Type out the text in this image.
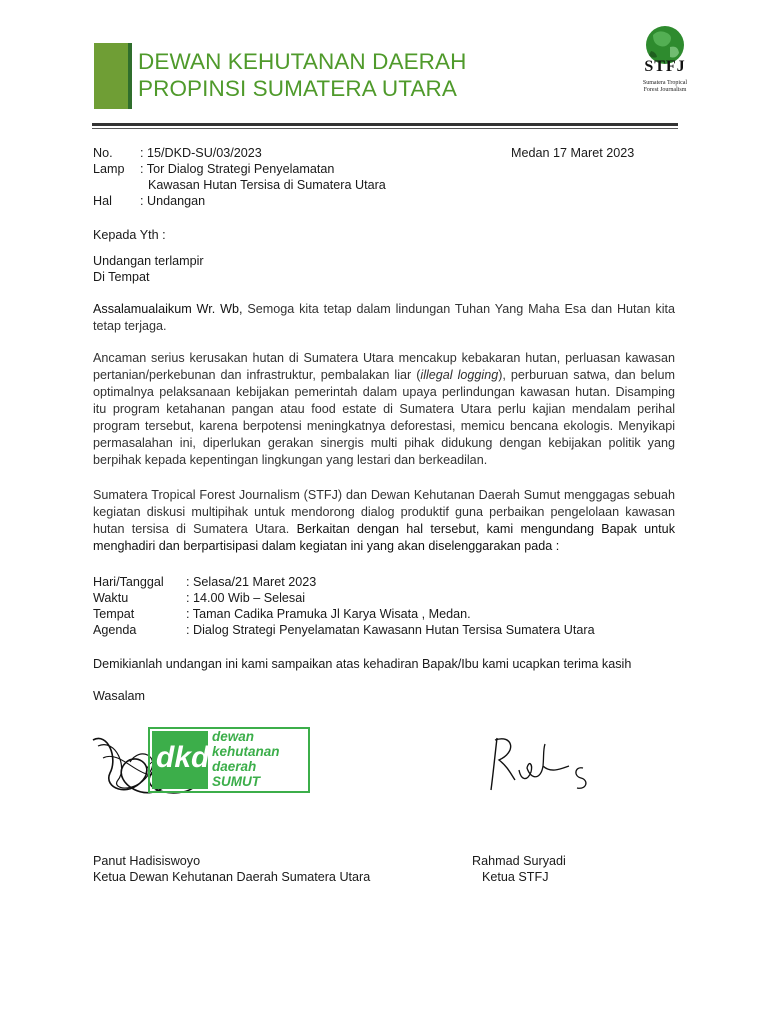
DEWAN KEHUTANAN DAERAH
PROPINSI SUMATERA UTARA
STFJ
Sumatera Tropical
Forest Journalism
No. : 15/DKD-SU/03/2023	Medan 17 Maret 2023
Lamp : Tor Dialog Strategi Penyelamatan
Kawasan Hutan Tersisa di Sumatera Utara
Hal : Undangan
Kepada Yth :
Undangan terlampir
Di Tempat
Assalamualaikum Wr. Wb, Semoga kita tetap dalam lindungan Tuhan Yang Maha Esa dan Hutan kita tetap terjaga.
Ancaman serius kerusakan hutan di Sumatera Utara mencakup kebakaran hutan, perluasan kawasan pertanian/perkebunan dan infrastruktur, pembalakan liar (illegal logging), perburuan satwa, dan belum optimalnya pelaksanaan kebijakan pemerintah dalam upaya perlindungan kawasan hutan. Disamping itu program ketahanan pangan atau food estate di Sumatera Utara perlu kajian mendalam perihal program tersebut, karena berpotensi meningkatnya deforestasi, memicu bencana ekologis. Menyikapi permasalahan ini, diperlukan gerakan sinergis multi pihak didukung dengan kebijakan politik yang berpihak kepada kepentingan lingkungan yang lestari dan berkeadilan.
Sumatera Tropical Forest Journalism (STFJ) dan Dewan Kehutanan Daerah Sumut menggagas sebuah kegiatan diskusi multipihak untuk mendorong dialog produktif guna perbaikan pengelolaan kawasan hutan tersisa di Sumatera Utara. Berkaitan dengan hal tersebut, kami mengundang Bapak untuk menghadiri dan berpartisipasi dalam kegiatan ini yang akan diselenggarakan pada :
Hari/Tanggal : Selasa/21 Maret 2023
Waktu	: 14.00 Wib – Selesai
Tempat	: Taman Cadika Pramuka Jl Karya Wisata , Medan.
Agenda	: Dialog Strategi Penyelamatan Kawasann Hutan Tersisa Sumatera Utara
Demikianlah undangan ini kami sampaikan atas kehadiran Bapak/Ibu kami ucapkan terima kasih
Wasalam
dkd
dewan
kehutanan
daerah
SUMUT
Panut Hadisiswoyo
Ketua Dewan Kehutanan Daerah Sumatera Utara
Rahmad Suryadi
Ketua STFJ
